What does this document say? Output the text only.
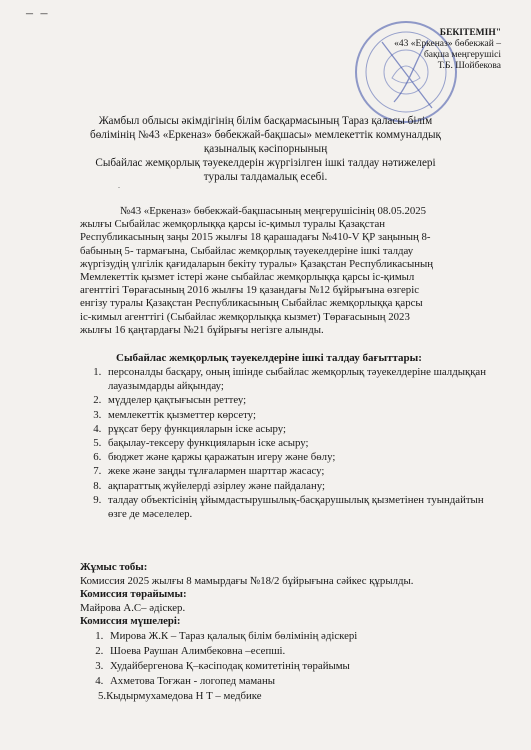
– –
БЕКІТЕМІН"
«43 «Еркеназ» бөбекжай –
бақша меңгерушісі
Т.Б. Шойбекова
Жамбыл облысы әкімдігінің білім басқармасының Тараз қаласы білім
бөлімінің №43 «Еркеназ» бөбекжай-бақшасы» мемлекеттік коммуналдық
қазыналық кәсіпорнының
Сыбайлас жемқорлық тәуекелдерін жүргізілген ішкі талдау нәтижелері
туралы талдамалық есебі.
.
№43 «Еркеназ» бөбекжай-бақшасының меңгерушісінің 08.05.2025
жылғы Сыбайлас жемқорлыққа қарсы іс-қимыл туралы Қазақстан
Республикасының заңы 2015 жылғы 18 қарашадағы №410-V ҚР заңының 8-
бабының 5- тармағына, Сыбайлас жемқорлық тәуекелдеріне ішкі талдау
жүргізудің үлгілік қағидаларын бекіту туралы» Қазақстан Республикасының
Мемлекеттік қызмет істері және сыбайлас жемқорлыққа қарсы іс-қимыл
агенттігі Төрағасының 2016 жылғы 19 қазандағы №12 бұйрығына өзгеріс
енгізу туралы Қазақстан Республикасының Сыбайлас жемқорлыққа қарсы
іс-кимыл агенттігі (Сыбайлас жемқорлыққа кызмет) Төрағасының 2023
жылғы 16 қаңтардағы №21 бұйрығы негізге алынды.
Сыбайлас жемқорлық тәуекелдеріне ішкі талдау бағыттары:
1. персоналды басқару, оның ішінде сыбайлас жемқорлық тәуекелдеріне шалдыққан лауазымдарды айқындау;
2. мүдделер қақтығысын реттеу;
3. мемлекеттік қызметтер көрсету;
4. рұқсат беру функцияларын іске асыру;
5. бақылау-тексеру функцияларын іске асыру;
6. бюджет және қаржы қаражатын игеру және бөлу;
7. жеке және заңды тұлғалармен шарттар жасасу;
8. ақпараттық жүйелерді әзірлеу және пайдалану;
9. талдау объектісінің ұйымдастырушылық-басқарушылық қызметінен туындайтын өзге де мәселелер.
Жұмыс тобы:
Комиссия 2025 жылғы 8 мамырдағы №18/2 бұйрығына сәйкес құрылды.
Комиссия төрайымы:
Майрова А.С– әдіскер.
Комиссия мүшелері:
1. Мирова Ж.К – Тараз қалалық білім бөлімінің әдіскері
2. Шоева Раушан Алимбековна –есепші.
3. Худайбергенова Қ–кәсіподақ комитетінің төрайымы
4. Ахметова Тоғжан - логопед маманы
5.Кыдырмухамедова Н Т – медбике
